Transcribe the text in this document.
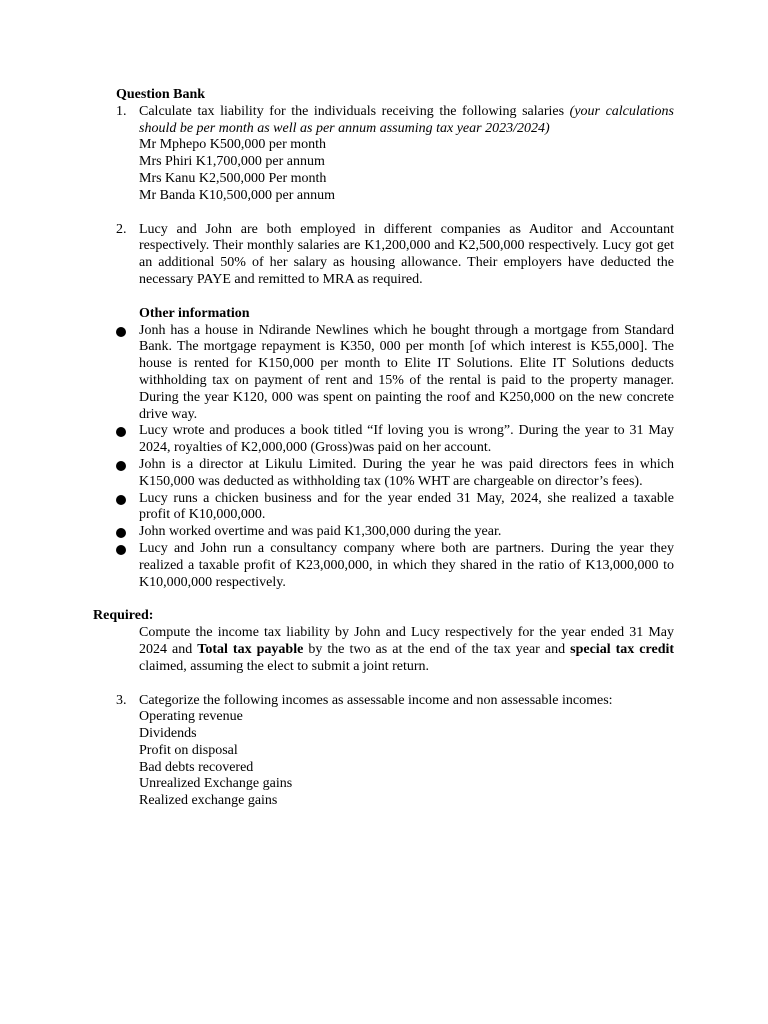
Question Bank
1. Calculate tax liability for the individuals receiving the following salaries (your calculations should be per month as well as per annum assuming tax year 2023/2024)
Mr Mphepo K500,000 per month
Mrs Phiri K1,700,000 per annum
Mrs Kanu K2,500,000 Per month
Mr Banda K10,500,000 per annum
2. Lucy and John are both employed in different companies as Auditor and Accountant respectively. Their monthly salaries are K1,200,000 and K2,500,000 respectively. Lucy got get an additional 50% of her salary as housing allowance. Their employers have deducted the necessary PAYE and remitted to MRA as required.
Other information
Jonh has a house in Ndirande Newlines which he bought through a mortgage from Standard Bank. The mortgage repayment is K350, 000 per month [of which interest is K55,000]. The house is rented for K150,000 per month to Elite IT Solutions. Elite IT Solutions deducts withholding tax on payment of rent and 15% of the rental is paid to the property manager. During the year K120, 000 was spent on painting the roof and K250,000 on the new concrete drive way.
Lucy wrote and produces a book titled “If loving you is wrong”. During the year to 31 May 2024, royalties of K2,000,000 (Gross)was paid on her account.
John is a director at Likulu Limited. During the year he was paid directors fees in which K150,000 was deducted as withholding tax (10% WHT are chargeable on director’s fees).
Lucy runs a chicken business and for the year ended 31 May, 2024, she realized a taxable profit of K10,000,000.
John worked overtime and was paid K1,300,000 during the year.
Lucy and John run a consultancy company where both are partners. During the year they realized a taxable profit of K23,000,000, in which they shared in the ratio of K13,000,000 to K10,000,000 respectively.
Required:
Compute the income tax liability by John and Lucy respectively for the year ended 31 May 2024 and Total tax payable by the two as at the end of the tax year and special tax credit claimed, assuming the elect to submit a joint return.
3. Categorize the following incomes as assessable income and non assessable incomes:
Operating revenue
Dividends
Profit on disposal
Bad debts recovered
Unrealized Exchange gains
Realized exchange gains
